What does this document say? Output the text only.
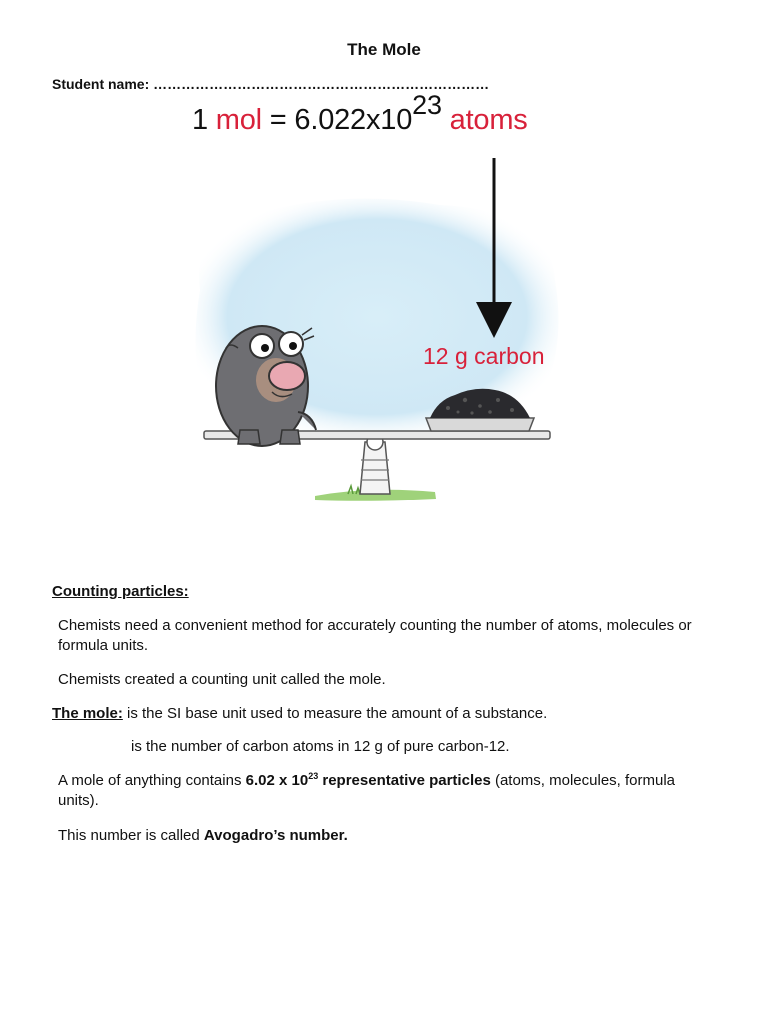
The Mole
Student name: ………………………………………………………………
1 mol = $6.022x10^{23}$ atoms
12 g carbon
Counting particles:
Chemists need a convenient method for accurately counting the number of atoms, molecules or formula units.
Chemists created a counting unit called the mole.
The mole: is the SI base unit used to measure the amount of a substance.
is the number of carbon atoms in 12 g of pure carbon-12.
A mole of anything contains 6.02 x $10^{23}$ representative particles (atoms, molecules, formula units).
This number is called Avogadro’s number.
